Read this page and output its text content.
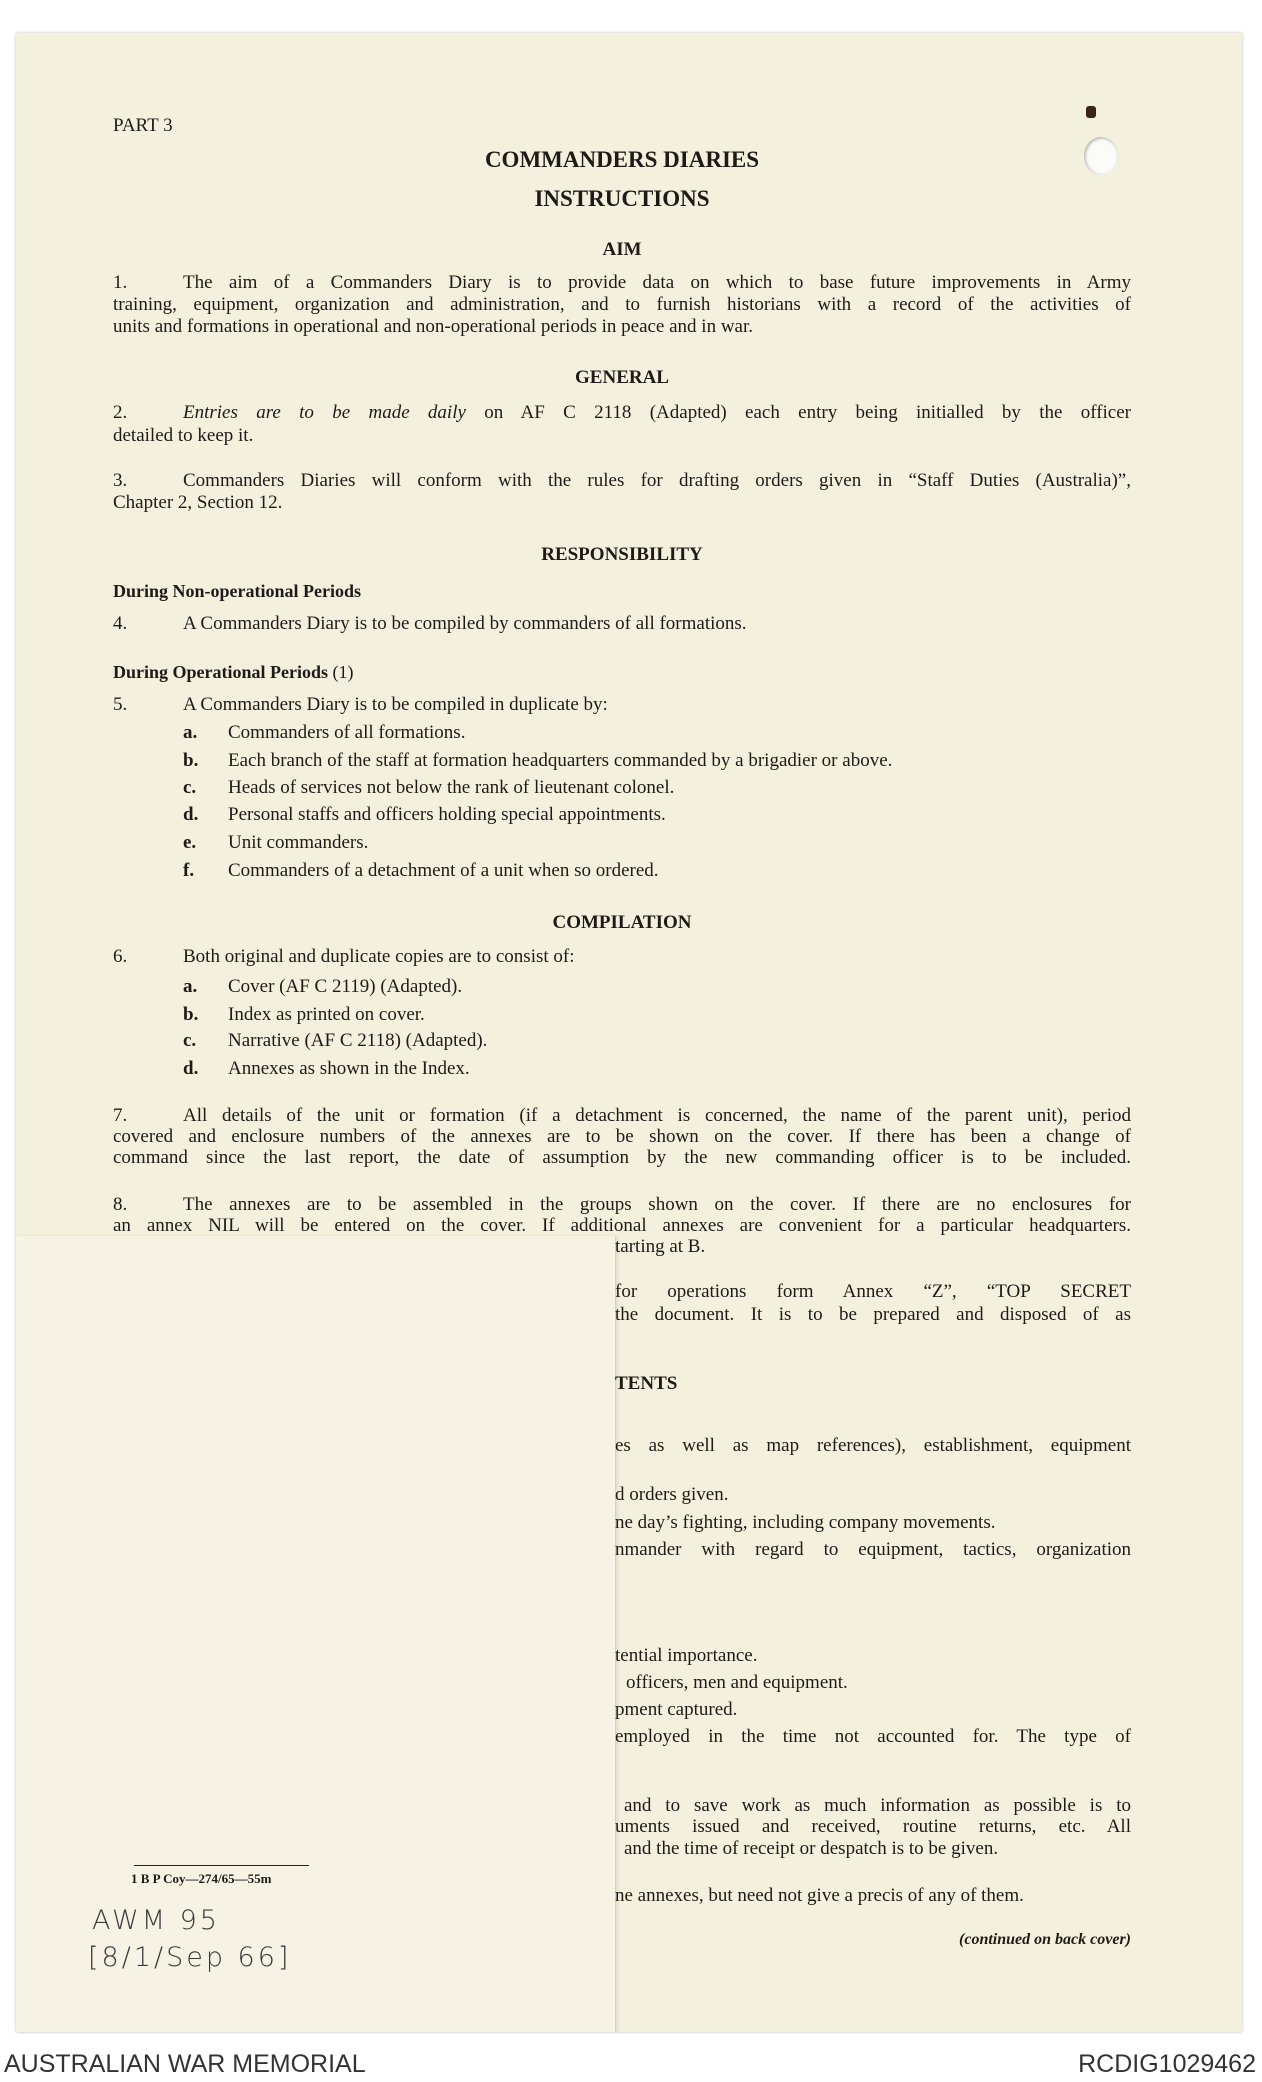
PART 3
COMMANDERS DIARIES
INSTRUCTIONS
AIM
1.	The aim of a Commanders Diary is to provide data on which to base future improvements in Army
training, equipment, organization and administration, and to furnish historians with a record of the activities of
units and formations in operational and non-operational periods in peace and in war.
GENERAL
2.	Entries are to be made daily on AF C 2118 (Adapted) each entry being initialled by the officer
detailed to keep it.
3.	Commanders Diaries will conform with the rules for drafting orders given in “Staff Duties (Australia)”,
Chapter 2, Section 12.
RESPONSIBILITY
During Non-operational Periods
4.	A Commanders Diary is to be compiled by commanders of all formations.
During Operational Periods (1)
5.	A Commanders Diary is to be compiled in duplicate by:
a. Commanders of all formations.
b. Each branch of the staff at formation headquarters commanded by a brigadier or above.
c. Heads of services not below the rank of lieutenant colonel.
d. Personal staffs and officers holding special appointments.
e. Unit commanders.
f. Commanders of a detachment of a unit when so ordered.
COMPILATION
6.	Both original and duplicate copies are to consist of:
a. Cover (AF C 2119) (Adapted).
b. Index as printed on cover.
c. Narrative (AF C 2118) (Adapted).
d. Annexes as shown in the Index.
7.	All details of the unit or formation (if a detachment is concerned, the name of the parent unit), period
covered and enclosure numbers of the annexes are to be shown on the cover. If there has been a change of
command since the last report, the date of assumption by the new commanding officer is to be included.
8.	The annexes are to be assembled in the groups shown on the cover. If there are no enclosures for
an annex NIL will be entered on the cover. If additional annexes are convenient for a particular headquarters.
tarting at B.
for operations form Annex “Z”, “TOP SECRET
the document. It is to be prepared and disposed of as
TENTS
es as well as map references), establishment, equipment
d orders given.
ne day’s fighting, including company movements.
nmander with regard to equipment, tactics, organization
tential importance.
officers, men and equipment.
pment captured.
employed in the time not accounted for. The type of
and to save work as much information as possible is to
uments issued and received, routine returns, etc. All
and the time of receipt or despatch is to be given.
ne annexes, but need not give a precis of any of them.
(continued on back cover)
1 B P Coy—274/65—55m
AWM 95
[8/1/Sep 66]
AUSTRALIAN WAR MEMORIAL	RCDIG1029462
